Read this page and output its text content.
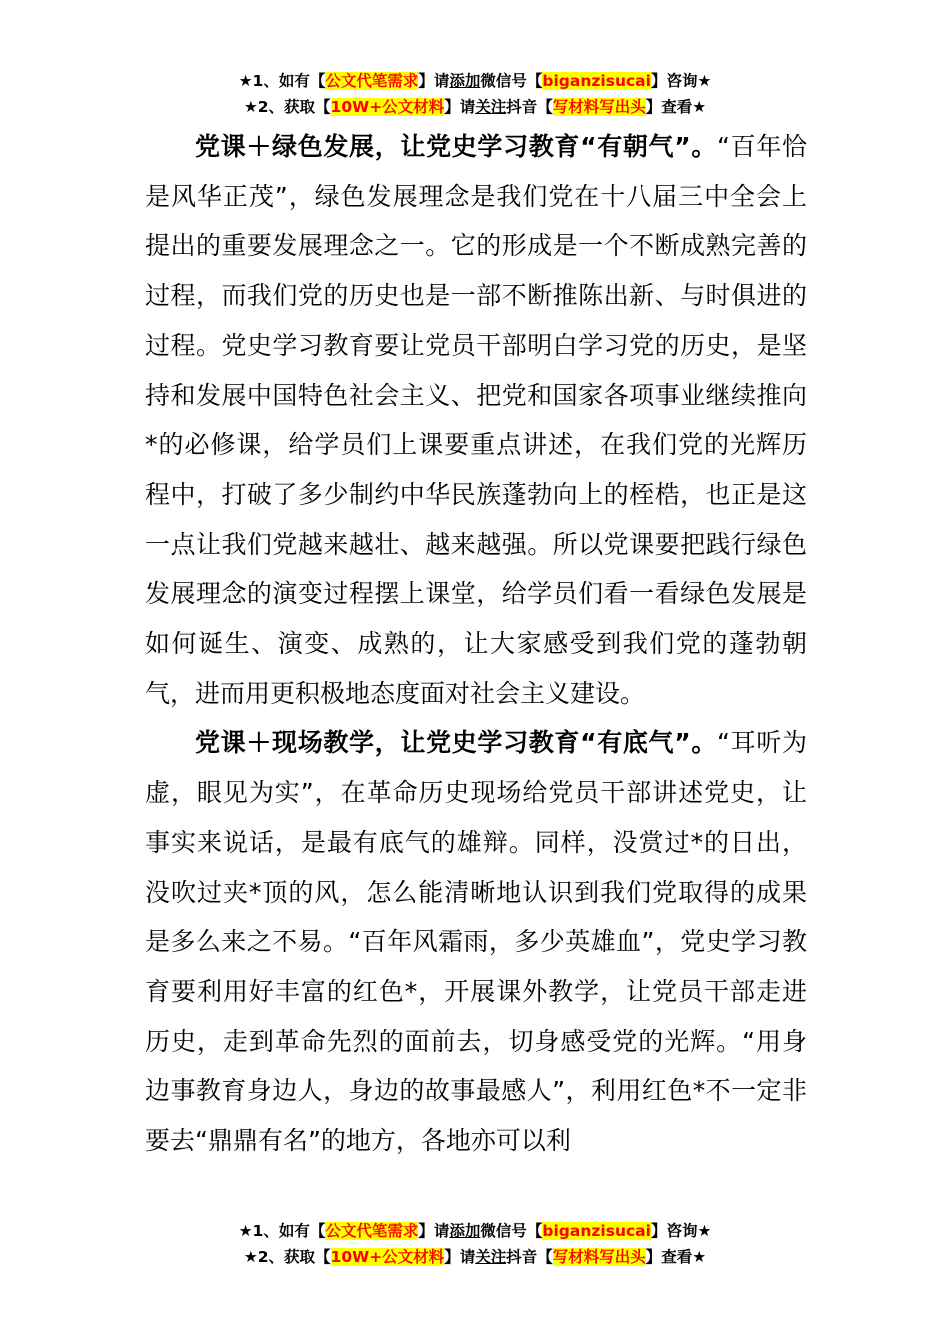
★1、如有【公文代笔需求】请添加微信号【biganzisucai】咨询★
★2、获取【10W+公文材料】请关注抖音【写材料写出头】查看★

党课＋绿色发展，让党史学习教育“有朝气”。“百年恰是风华正茂”，绿色发展理念是我们党在十八届三中全会上提出的重要发展理念之一。它的形成是一个不断成熟完善的过程，而我们党的历史也是一部不断推陈出新、与时俱进的过程。党史学习教育要让党员干部明白学习党的历史，是坚持和发展中国特色社会主义、把党和国家各项事业继续推向*的必修课，给学员们上课要重点讲述，在我们党的光辉历程中，打破了多少制约中华民族蓬勃向上的桎梏，也正是这一点让我们党越来越壮、越来越强。所以党课要把践行绿色发展理念的演变过程摆上课堂，给学员们看一看绿色发展是如何诞生、演变、成熟的，让大家感受到我们党的蓬勃朝气，进而用更积极地态度面对社会主义建设。

党课＋现场教学，让党史学习教育“有底气”。“耳听为虚，眼见为实”，在革命历史现场给党员干部讲述党史，让事实来说话，是最有底气的雄辩。同样，没赏过*的日出，没吹过夹*顶的风，怎么能清晰地认识到我们党取得的成果是多么来之不易。“百年风霜雨，多少英雄血”，党史学习教育要利用好丰富的红色*，开展课外教学，让党员干部走进历史，走到革命先烈的面前去，切身感受党的光辉。“用身边事教育身边人，身边的故事最感人”，利用红色*不一定非要去“鼎鼎有名”的地方，各地亦可以利

★1、如有【公文代笔需求】请添加微信号【biganzisucai】咨询★
★2、获取【10W+公文材料】请关注抖音【写材料写出头】查看★
